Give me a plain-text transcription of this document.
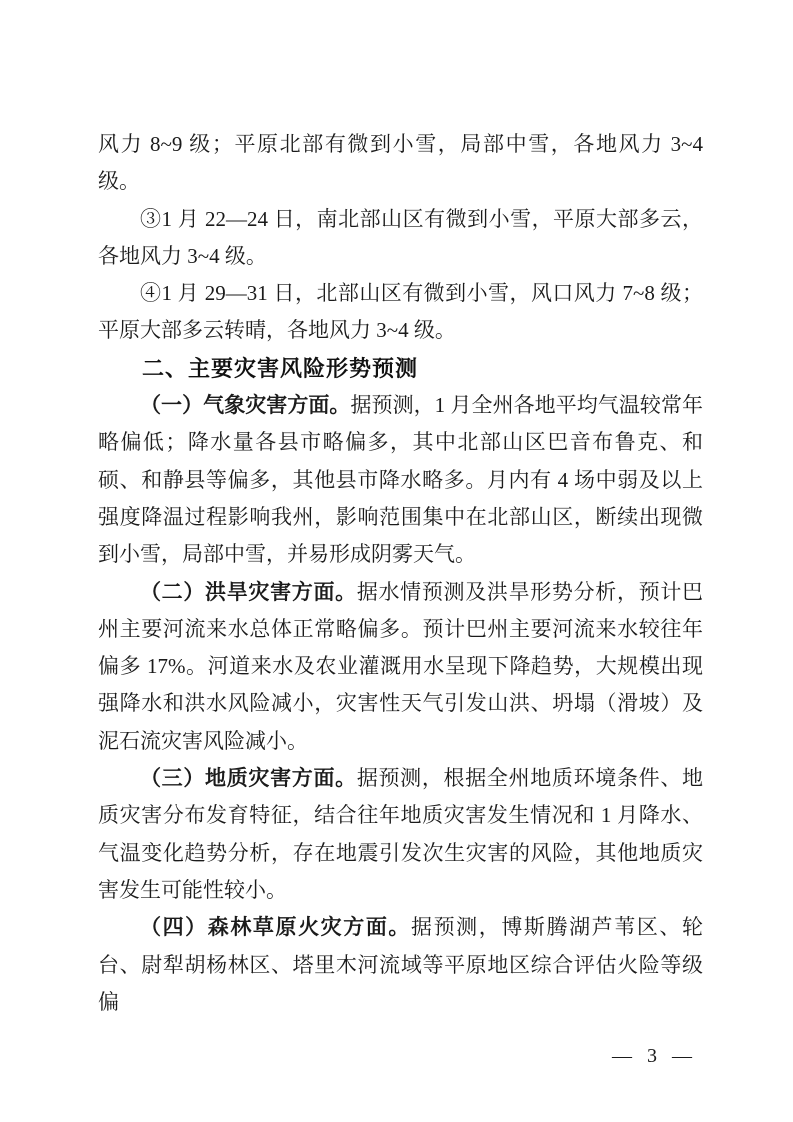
风力 8~9 级；平原北部有微到小雪，局部中雪，各地风力 3~4 级。

③1 月 22—24 日，南北部山区有微到小雪，平原大部多云，各地风力 3~4 级。

④1 月 29—31 日，北部山区有微到小雪，风口风力 7~8 级；平原大部多云转晴，各地风力 3~4 级。

二、主要灾害风险形势预测

（一）气象灾害方面。据预测，1 月全州各地平均气温较常年略偏低；降水量各县市略偏多，其中北部山区巴音布鲁克、和硕、和静县等偏多，其他县市降水略多。月内有 4 场中弱及以上强度降温过程影响我州，影响范围集中在北部山区，断续出现微到小雪，局部中雪，并易形成阴雾天气。

（二）洪旱灾害方面。据水情预测及洪旱形势分析，预计巴州主要河流来水总体正常略偏多。预计巴州主要河流来水较往年偏多 17%。河道来水及农业灌溉用水呈现下降趋势，大规模出现强降水和洪水风险减小，灾害性天气引发山洪、坍塌（滑坡）及泥石流灾害风险减小。

（三）地质灾害方面。据预测，根据全州地质环境条件、地质灾害分布发育特征，结合往年地质灾害发生情况和 1 月降水、气温变化趋势分析，存在地震引发次生灾害的风险，其他地质灾害发生可能性较小。

（四）森林草原火灾方面。据预测，博斯腾湖芦苇区、轮台、尉犁胡杨林区、塔里木河流域等平原地区综合评估火险等级偏

— 3 —
